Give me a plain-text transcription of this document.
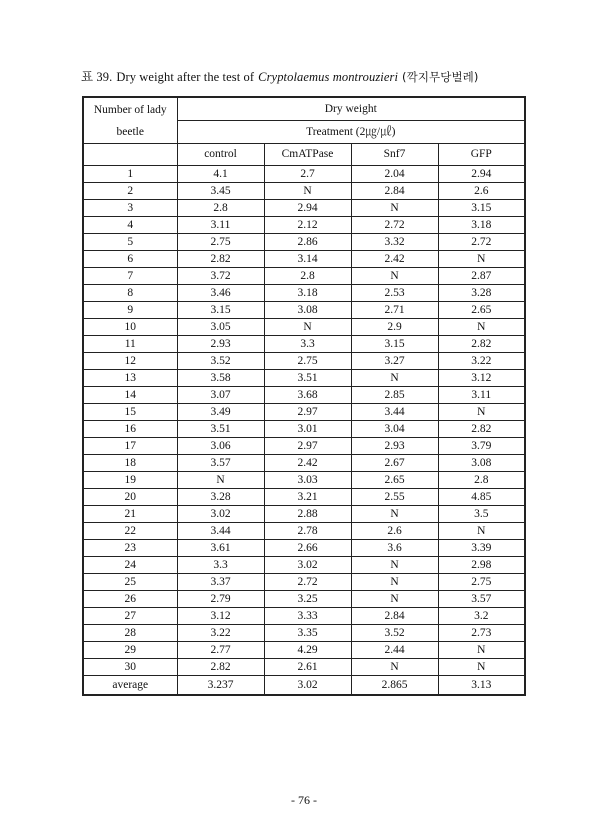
표 39. Dry weight after the test of Cryptolaemus montrouzieri (깍지무당벌레)
Number of lady beetle	Dry weight			
	Treatment (2㎍/㎕)			
	control	CmATPase	Snf7	GFP
1	4.1	2.7	2.04	2.94
2	3.45	N	2.84	2.6
3	2.8	2.94	N	3.15
4	3.11	2.12	2.72	3.18
5	2.75	2.86	3.32	2.72
6	2.82	3.14	2.42	N
7	3.72	2.8	N	2.87
8	3.46	3.18	2.53	3.28
9	3.15	3.08	2.71	2.65
10	3.05	N	2.9	N
11	2.93	3.3	3.15	2.82
12	3.52	2.75	3.27	3.22
13	3.58	3.51	N	3.12
14	3.07	3.68	2.85	3.11
15	3.49	2.97	3.44	N
16	3.51	3.01	3.04	2.82
17	3.06	2.97	2.93	3.79
18	3.57	2.42	2.67	3.08
19	N	3.03	2.65	2.8
20	3.28	3.21	2.55	4.85
21	3.02	2.88	N	3.5
22	3.44	2.78	2.6	N
23	3.61	2.66	3.6	3.39
24	3.3	3.02	N	2.98
25	3.37	2.72	N	2.75
26	2.79	3.25	N	3.57
27	3.12	3.33	2.84	3.2
28	3.22	3.35	3.52	2.73
29	2.77	4.29	2.44	N
30	2.82	2.61	N	N
average	3.237	3.02	2.865	3.13
- 76 -
